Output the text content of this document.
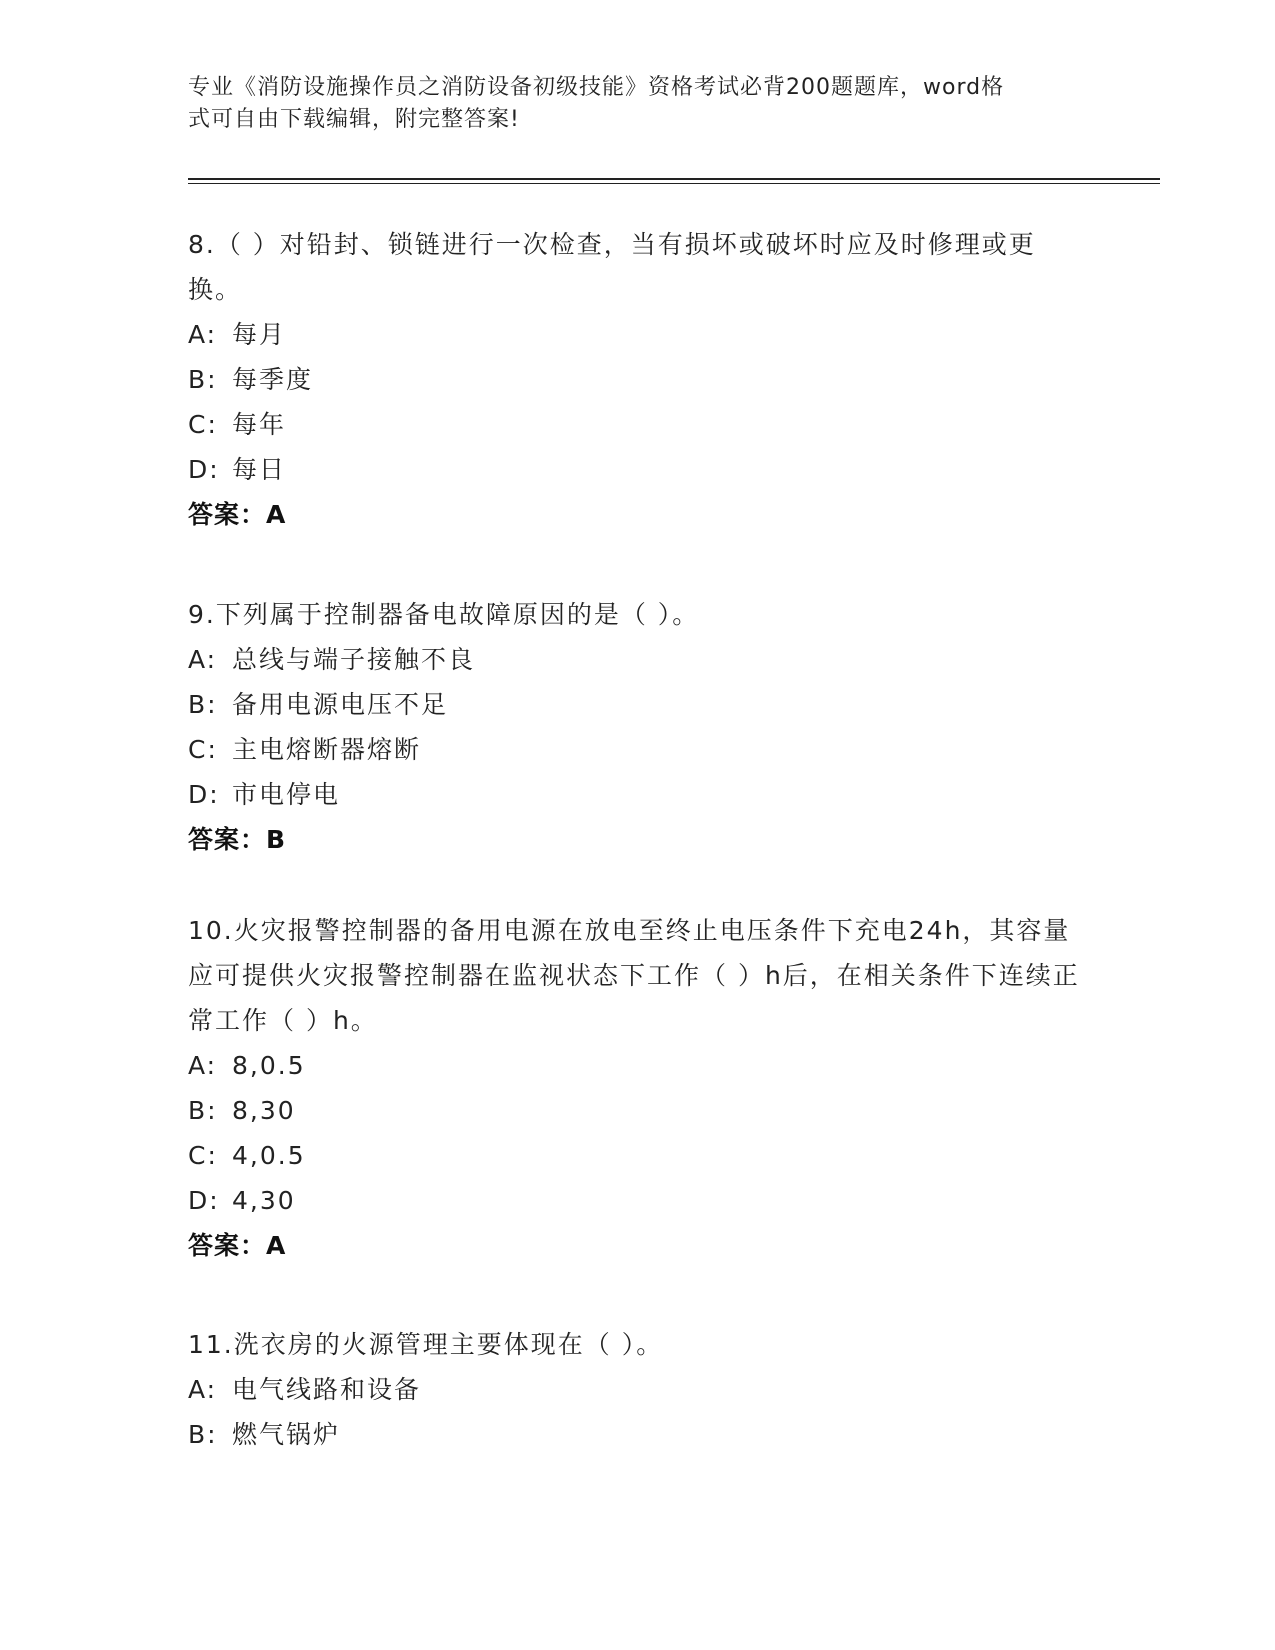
专业《消防设施操作员之消防设备初级技能》资格考试必背200题题库，word格
式可自由下载编辑，附完整答案!
8.（ ）对铅封、锁链进行一次检查，当有损坏或破坏时应及时修理或更换。
A: 每月
B: 每季度
C: 每年
D: 每日
答案：A
9.下列属于控制器备电故障原因的是（ ）。
A: 总线与端子接触不良
B: 备用电源电压不足
C: 主电熔断器熔断
D: 市电停电
答案：B
10.火灾报警控制器的备用电源在放电至终止电压条件下充电24h，其容量应可提供火灾报警控制器在监视状态下工作（ ）h后，在相关条件下连续正常工作（ ）h。
A: 8,0.5
B: 8,30
C: 4,0.5
D: 4,30
答案：A
11.洗衣房的火源管理主要体现在（ ）。
A: 电气线路和设备
B: 燃气锅炉
